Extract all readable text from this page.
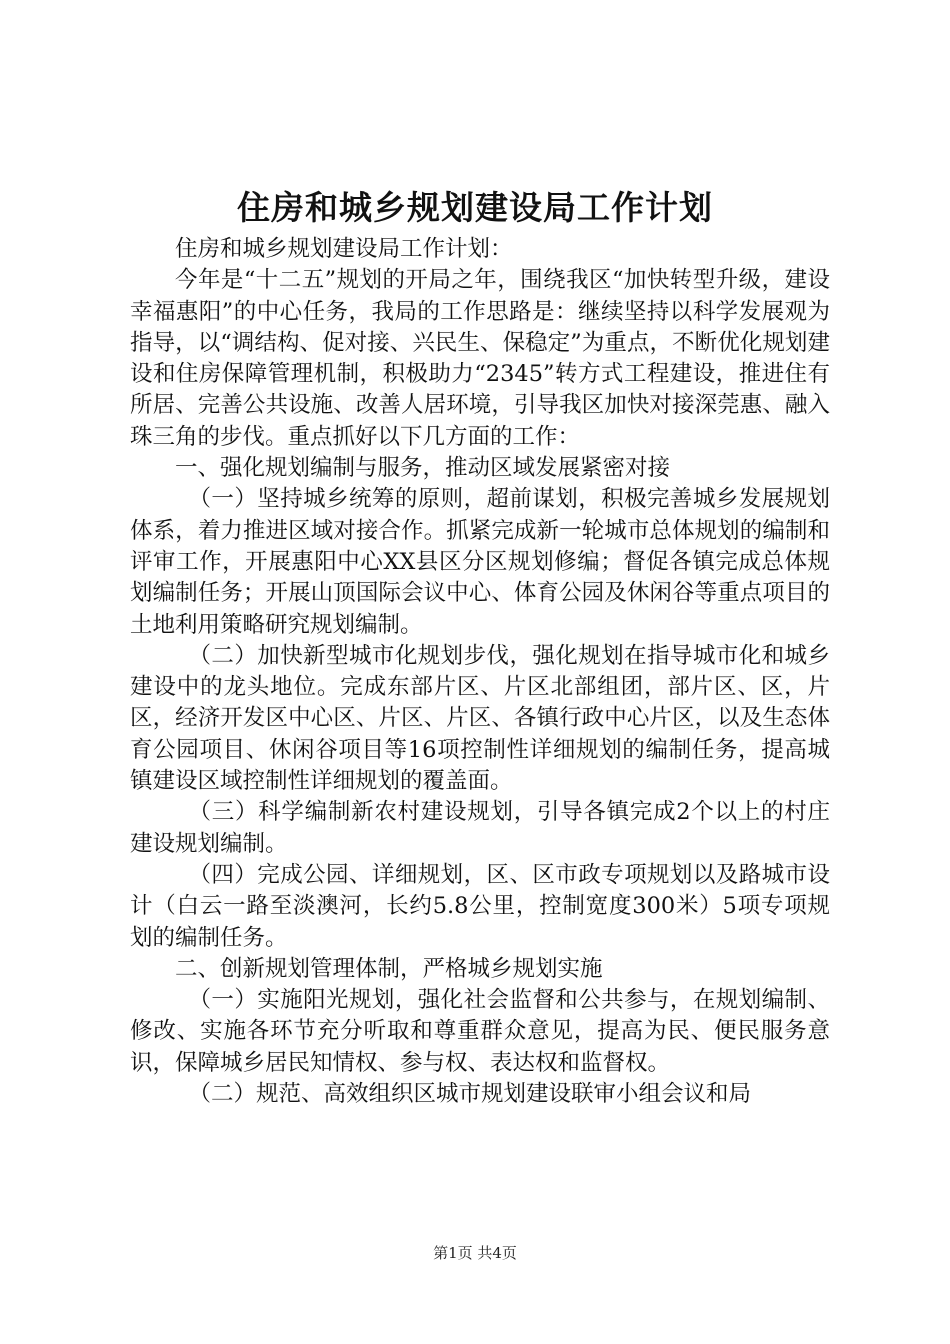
住房和城乡规划建设局工作计划

住房和城乡规划建设局工作计划：

今年是“十二五”规划的开局之年，围绕我区“加快转型升级，建设幸福惠阳”的中心任务，我局的工作思路是：继续坚持以科学发展观为指导，以“调结构、促对接、兴民生、保稳定”为重点，不断优化规划建设和住房保障管理机制，积极助力“2345”转方式工程建设，推进住有所居、完善公共设施、改善人居环境，引导我区加快对接深莞惠、融入珠三角的步伐。重点抓好以下几方面的工作：

一、强化规划编制与服务，推动区域发展紧密对接

（一）坚持城乡统筹的原则，超前谋划，积极完善城乡发展规划体系，着力推进区域对接合作。抓紧完成新一轮城市总体规划的编制和评审工作，开展惠阳中心XX县区分区规划修编；督促各镇完成总体规划编制任务；开展山顶国际会议中心、体育公园及休闲谷等重点项目的土地利用策略研究规划编制。

（二）加快新型城市化规划步伐，强化规划在指导城市化和城乡建设中的龙头地位。完成东部片区、片区北部组团，部片区、区，片区，经济开发区中心区、片区、片区、各镇行政中心片区，以及生态体育公园项目、休闲谷项目等16项控制性详细规划的编制任务，提高城镇建设区域控制性详细规划的覆盖面。

（三）科学编制新农村建设规划，引导各镇完成2个以上的村庄建设规划编制。

（四）完成公园、详细规划，区、区市政专项规划以及路城市设计（白云一路至淡澳河，长约5.8公里，控制宽度300米）5项专项规划的编制任务。

二、创新规划管理体制，严格城乡规划实施

（一）实施阳光规划，强化社会监督和公共参与，在规划编制、修改、实施各环节充分听取和尊重群众意见，提高为民、便民服务意识，保障城乡居民知情权、参与权、表达权和监督权。

（二）规范、高效组织区城市规划建设联审小组会议和局

第1页 共4页
